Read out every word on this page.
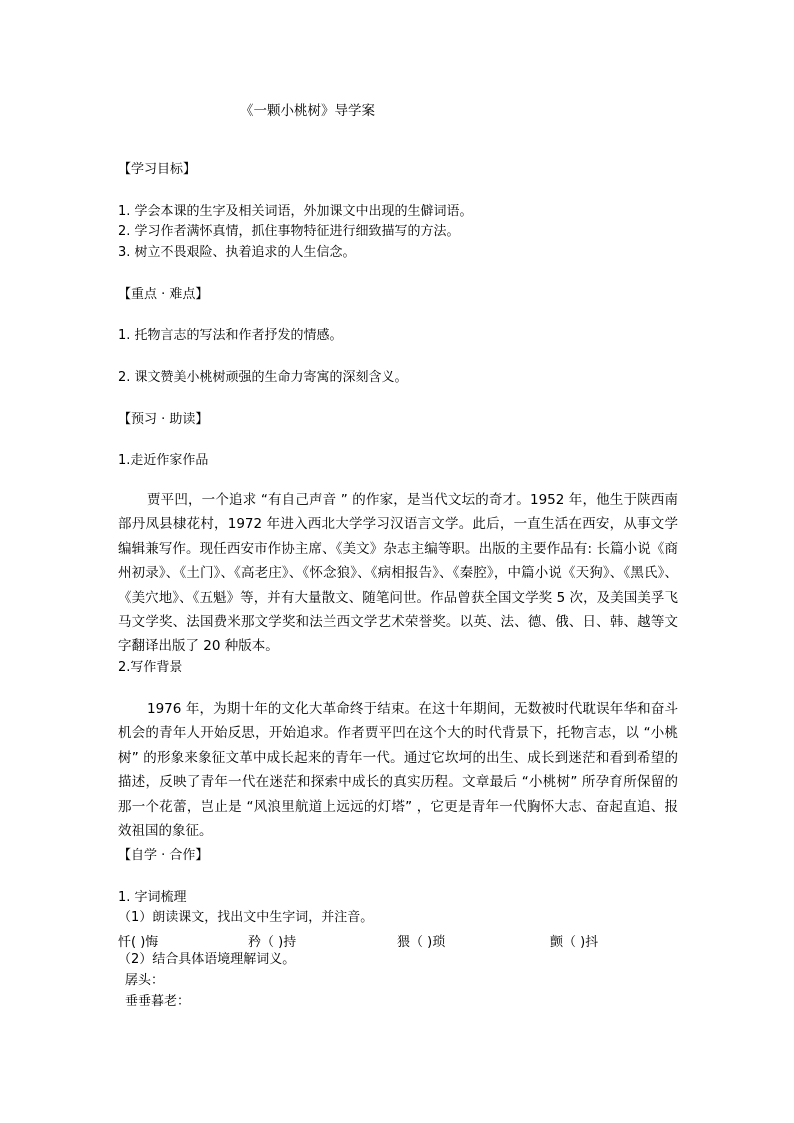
《一颗小桃树》导学案
【学习目标】
1. 学会本课的生字及相关词语，外加课文中出现的生僻词语。
2. 学习作者满怀真情，抓住事物特征进行细致描写的方法。
3. 树立不畏艰险、执着追求的人生信念。
【重点 · 难点】
1. 托物言志的写法和作者抒发的情感。
2. 课文赞美小桃树顽强的生命力寄寓的深刻含义。
【预习 · 助读】
1.走近作家作品
贾平凹，一个追求 “有自己声音 ” 的作家，是当代文坛的奇才。1952 年，他生于陕西南部丹凤县棣花村，1972 年进入西北大学学习汉语言文学。此后，一直生活在西安，从事文学编辑兼写作。现任西安市作协主席、《美文》杂志主编等职。出版的主要作品有: 长篇小说《商州初录》、《土门》、《高老庄》、《怀念狼》、《病相报告》、《秦腔》，中篇小说《天狗》、《黑氏》、《美穴地》、《五魁》等，并有大量散文、随笔问世。作品曾获全国文学奖 5 次，及美国美孚飞马文学奖、法国费米那文学奖和法兰西文学艺术荣誉奖。以英、法、德、俄、日、韩、越等文字翻译出版了 20 种版本。
2.写作背景
1976 年，为期十年的文化大革命终于结束。在这十年期间，无数被时代耽误年华和奋斗机会的青年人开始反思，开始追求。作者贾平凹在这个大的时代背景下，托物言志，以 “小桃树” 的形象来象征文革中成长起来的青年一代。通过它坎坷的出生、成长到迷茫和看到希望的描述，反映了青年一代在迷茫和探索中成长的真实历程。文章最后 “小桃树” 所孕育所保留的那一个花蕾，岂止是 “风浪里航道上远远的灯塔” ，它更是青年一代胸怀大志、奋起直追、报效祖国的象征。
【自学 · 合作】
1. 字词梳理
（1）朗读课文，找出文中生字词，并注音。
忏( )悔	矜（ )持	猥（ )琐	颤（ )抖
（2）结合具体语境理解词义。
孱头：
垂垂暮老：
